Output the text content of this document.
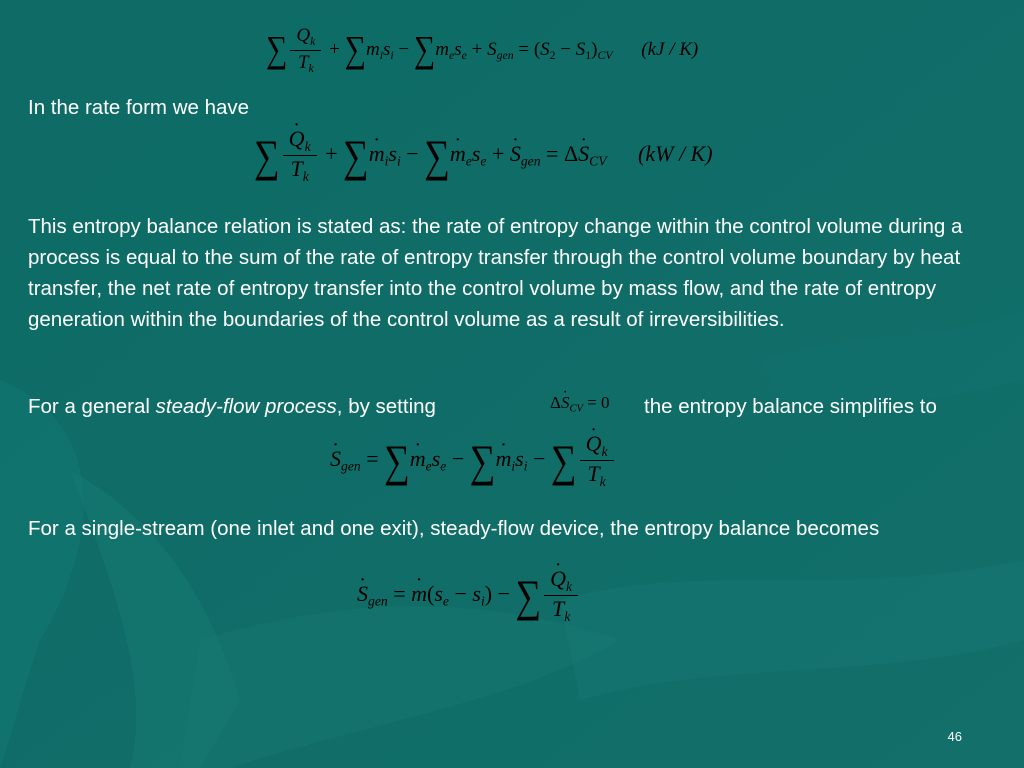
∑ $\frac{Q_k}{T_k} + \sum m_is_i - \sum m_es_e + S_{gen} = (S_2 - S_1)_{CV}$ (kJ / K)
In the rate form we have
∑ ˙ $\frac{Q_k}{T_k}$ + ∑˙ $m_is_i$ − ∑˙ $m_es_e$ + ˙ $S_{gen}$ = Δ˙ $S_{CV}$ (kW / K)
This entropy balance relation is stated as: the rate of entropy change within the control volume during a process is equal to the sum of the rate of entropy transfer through the control volume boundary by heat transfer, the net rate of entropy transfer into the control volume by mass flow, and the rate of entropy generation within the boundaries of the control volume as a result of irreversibilities.
For a general steady-flow process, by setting	Δ˙ $S_{CV} = 0$ the entropy balance simplifies to
˙ $S_{gen}$ = ∑˙ $m_es_e$ − ∑˙ $m_is_i$ − ∑ ˙ $\frac{Q_k}{T_k}$
For a single-stream (one inlet and one exit), steady-flow device, the entropy balance becomes
˙ $S_{gen}$ = ˙ $m(s_e - s_i)$ − ∑ ˙ $\frac{Q_k}{T_k}$
46
